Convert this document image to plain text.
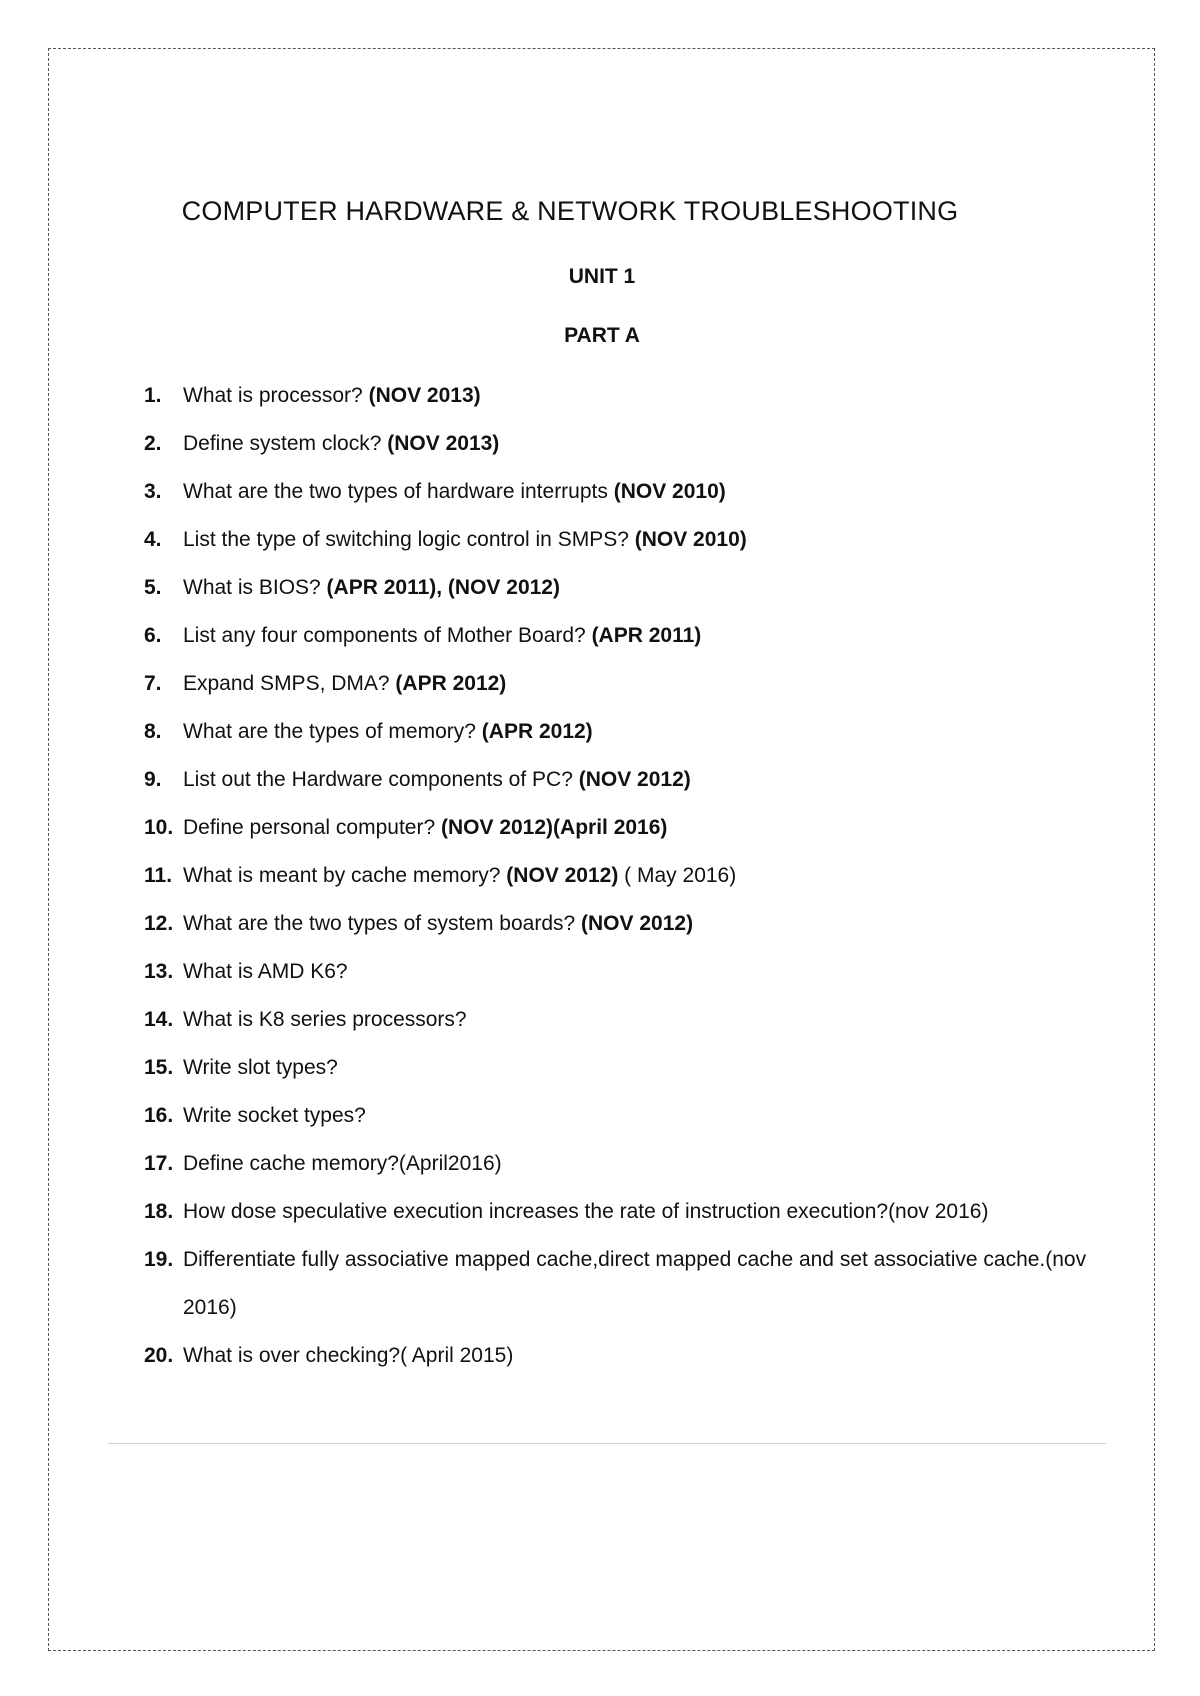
COMPUTER HARDWARE & NETWORK TROUBLESHOOTING
UNIT 1
PART A
1.	What is processor? (NOV 2013)
2.	Define system clock? (NOV 2013)
3.	What are the two types of hardware interrupts (NOV 2010)
4.	List the type of switching logic control in SMPS? (NOV 2010)
5.	What is BIOS? (APR 2011), (NOV 2012)
6.	List any four components of Mother Board? (APR 2011)
7.	Expand SMPS, DMA? (APR 2012)
8.	What are the types of memory? (APR 2012)
9.	List out the Hardware components of PC? (NOV 2012)
10. Define personal computer? (NOV 2012)(April 2016)
11. What is meant by cache memory? (NOV 2012) ( May 2016)
12. What are the two types of system boards? (NOV 2012)
13. What is AMD K6?
14. What is K8 series processors?
15. Write slot types?
16. Write socket types?
17. Define cache memory?(April2016)
18. How dose speculative execution increases the rate of instruction execution?(nov 2016)
19. Differentiate fully associative mapped cache,direct mapped cache and set associative cache.(nov 2016)
20. What is over checking?( April 2015)
